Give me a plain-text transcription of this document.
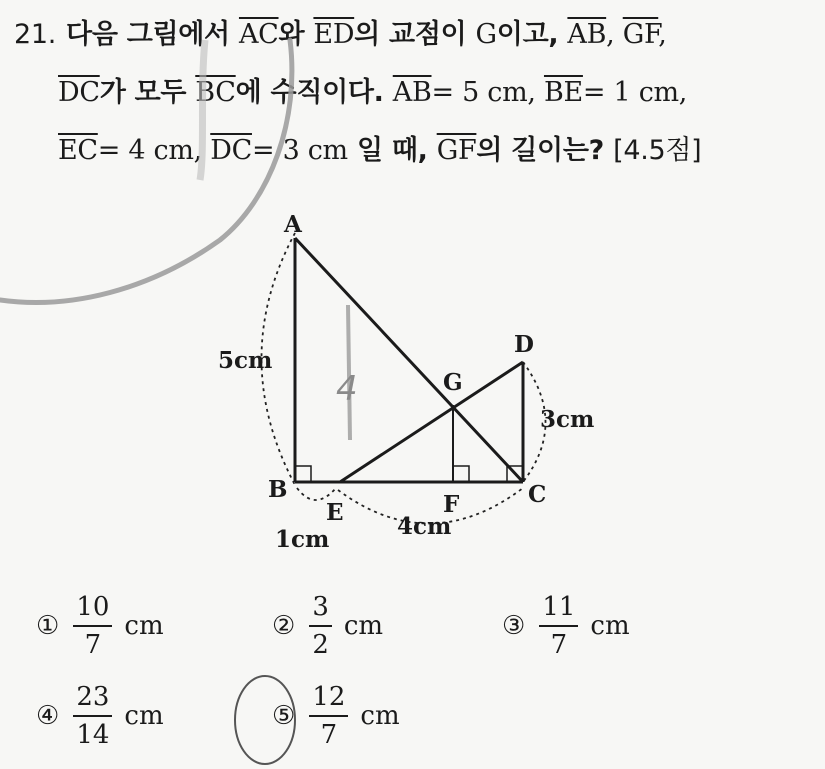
21. 다음 그림에서 $\overline{AC}$와 $\overline{ED}$의 교점이 G이고, $\overline{AB}$, $\overline{GF}$,
$\overline{DC}$가 모두 $\overline{BC}$에 수직이다. $\overline{AB}= 5$ cm, $\overline{BE}= 1$ cm,
$\overline{EC}= 4$ cm, $\overline{DC}= 3$ cm 일 때, $\overline{GF}$의 길이는? [4.5점]
A
B	C
D
E	F
G
5cm
3cm
1cm	4cm
4
① $\frac{10}{7}$ cm	② $\frac{3}{2}$ cm	③ $\frac{11}{7}$ cm
④ $\frac{23}{14}$ cm	⑤ $\frac{12}{7}$ cm
